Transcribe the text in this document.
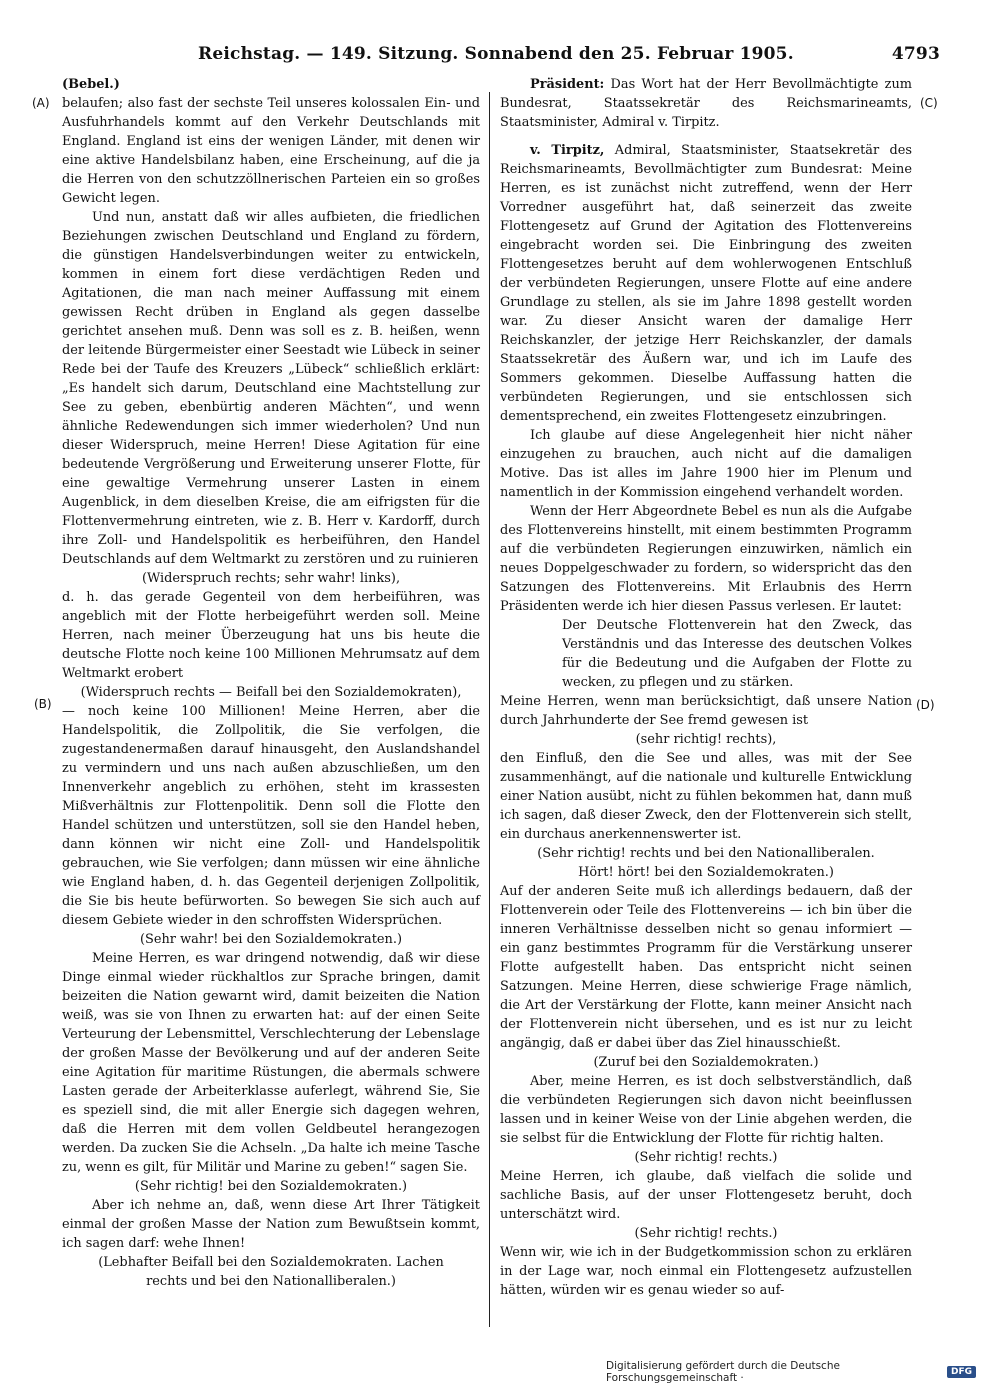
Reichstag. — 149. Sitzung. Sonnabend den 25. Februar 1905.	4793
(A)
(B)
(C)
(D)

(Bebel.)

belaufen; also fast der sechste Teil unseres kolossalen Ein- und Ausfuhrhandels kommt auf den Verkehr Deutschlands mit England. England ist eins der wenigen Länder, mit denen wir eine aktive Handelsbilanz haben, eine Erscheinung, auf die ja die Herren von den schutzzöllnerischen Parteien ein so großes Gewicht legen.

Und nun, anstatt daß wir alles aufbieten, die friedlichen Beziehungen zwischen Deutschland und England zu fördern, die günstigen Handelsverbindungen weiter zu entwickeln, kommen in einem fort diese verdächtigen Reden und Agitationen, die man nach meiner Auffassung mit einem gewissen Recht drüben in England als gegen dasselbe gerichtet ansehen muß. Denn was soll es z. B. heißen, wenn der leitende Bürgermeister einer Seestadt wie Lübeck in seiner Rede bei der Taufe des Kreuzers „Lübeck“ schließlich erklärt: „Es handelt sich darum, Deutschland eine Machtstellung zur See zu geben, ebenbürtig anderen Mächten“, und wenn ähnliche Redewendungen sich immer wiederholen? Und nun dieser Widerspruch, meine Herren! Diese Agitation für eine bedeutende Vergrößerung und Erweiterung unserer Flotte, für eine gewaltige Vermehrung unserer Lasten in einem Augenblick, in dem dieselben Kreise, die am eifrigsten für die Flottenvermehrung eintreten, wie z. B. Herr v. Kardorff, durch ihre Zoll- und Handelspolitik es herbeiführen, den Handel Deutschlands auf dem Weltmarkt zu zerstören und zu ruinieren

(Widerspruch rechts; sehr wahr! links),

d. h. das gerade Gegenteil von dem herbeiführen, was angeblich mit der Flotte herbeigeführt werden soll. Meine Herren, nach meiner Überzeugung hat uns bis heute die deutsche Flotte noch keine 100 Millionen Mehrumsatz auf dem Weltmarkt erobert

(Widerspruch rechts — Beifall bei den Sozialdemokraten),

— noch keine 100 Millionen! Meine Herren, aber die Handelspolitik, die Zollpolitik, die Sie verfolgen, die zugestandenermaßen darauf hinausgeht, den Auslandshandel zu vermindern und uns nach außen abzuschließen, um den Innenverkehr angeblich zu erhöhen, steht im krassesten Mißverhältnis zur Flottenpolitik. Denn soll die Flotte den Handel schützen und unterstützen, soll sie den Handel heben, dann können wir nicht eine Zoll- und Handelspolitik gebrauchen, wie Sie verfolgen; dann müssen wir eine ähnliche wie England haben, d. h. das Gegenteil derjenigen Zollpolitik, die Sie bis heute befürworten. So bewegen Sie sich auch auf diesem Gebiete wieder in den schroffsten Widersprüchen.

(Sehr wahr! bei den Sozialdemokraten.)

Meine Herren, es war dringend notwendig, daß wir diese Dinge einmal wieder rückhaltlos zur Sprache bringen, damit beizeiten die Nation gewarnt wird, damit beizeiten die Nation weiß, was sie von Ihnen zu erwarten hat: auf der einen Seite Verteurung der Lebensmittel, Verschlechterung der Lebenslage der großen Masse der Bevölkerung und auf der anderen Seite eine Agitation für maritime Rüstungen, die abermals schwere Lasten gerade der Arbeiterklasse auferlegt, während Sie, Sie es speziell sind, die mit aller Energie sich dagegen wehren, daß die Herren mit dem vollen Geldbeutel herangezogen werden. Da zucken Sie die Achseln. „Da halte ich meine Tasche zu, wenn es gilt, für Militär und Marine zu geben!“ sagen Sie.

(Sehr richtig! bei den Sozialdemokraten.)

Aber ich nehme an, daß, wenn diese Art Ihrer Tätigkeit einmal der großen Masse der Nation zum Bewußtsein kommt, ich sagen darf: wehe Ihnen!

(Lebhafter Beifall bei den Sozialdemokraten. Lachen rechts und bei den Nationalliberalen.)

Präsident: Das Wort hat der Herr Bevollmächtigte zum Bundesrat, Staatssekretär des Reichsmarineamts, Staatsminister, Admiral v. Tirpitz.

v. Tirpitz, Admiral, Staatsminister, Staatsekretär des Reichsmarineamts, Bevollmächtigter zum Bundesrat: Meine Herren, es ist zunächst nicht zutreffend, wenn der Herr Vorredner ausgeführt hat, daß seinerzeit das zweite Flottengesetz auf Grund der Agitation des Flottenvereins eingebracht worden sei. Die Einbringung des zweiten Flottengesetzes beruht auf dem wohlerwogenen Entschluß der verbündeten Regierungen, unsere Flotte auf eine andere Grundlage zu stellen, als sie im Jahre 1898 gestellt worden war. Zu dieser Ansicht waren der damalige Herr Reichskanzler, der jetzige Herr Reichskanzler, der damals Staatssekretär des Äußern war, und ich im Laufe des Sommers gekommen. Dieselbe Auffassung hatten die verbündeten Regierungen, und sie entschlossen sich dementsprechend, ein zweites Flottengesetz einzubringen.

Ich glaube auf diese Angelegenheit hier nicht näher einzugehen zu brauchen, auch nicht auf die damaligen Motive. Das ist alles im Jahre 1900 hier im Plenum und namentlich in der Kommission eingehend verhandelt worden.

Wenn der Herr Abgeordnete Bebel es nun als die Aufgabe des Flottenvereins hinstellt, mit einem bestimmten Programm auf die verbündeten Regierungen einzuwirken, nämlich ein neues Doppelgeschwader zu fordern, so widerspricht das den Satzungen des Flottenvereins. Mit Erlaubnis des Herrn Präsidenten werde ich hier diesen Passus verlesen. Er lautet:

Der Deutsche Flottenverein hat den Zweck, das Verständnis und das Interesse des deutschen Volkes für die Bedeutung und die Aufgaben der Flotte zu wecken, zu pflegen und zu stärken.

Meine Herren, wenn man berücksichtigt, daß unsere Nation durch Jahrhunderte der See fremd gewesen ist

(sehr richtig! rechts),

den Einfluß, den die See und alles, was mit der See zusammenhängt, auf die nationale und kulturelle Entwicklung einer Nation ausübt, nicht zu fühlen bekommen hat, dann muß ich sagen, daß dieser Zweck, den der Flottenverein sich stellt, ein durchaus anerkennenswerter ist.

(Sehr richtig! rechts und bei den Nationalliberalen. Hört! hört! bei den Sozialdemokraten.)

Auf der anderen Seite muß ich allerdings bedauern, daß der Flottenverein oder Teile des Flottenvereins — ich bin über die inneren Verhältnisse desselben nicht so genau informiert — ein ganz bestimmtes Programm für die Verstärkung unserer Flotte aufgestellt haben. Das entspricht nicht seinen Satzungen. Meine Herren, diese schwierige Frage nämlich, die Art der Verstärkung der Flotte, kann meiner Ansicht nach der Flottenverein nicht übersehen, und es ist nur zu leicht angängig, daß er dabei über das Ziel hinausschießt.

(Zuruf bei den Sozialdemokraten.)

Aber, meine Herren, es ist doch selbstverständlich, daß die verbündeten Regierungen sich davon nicht beeinflussen lassen und in keiner Weise von der Linie abgehen werden, die sie selbst für die Entwicklung der Flotte für richtig halten.

(Sehr richtig! rechts.)

Meine Herren, ich glaube, daß vielfach die solide und sachliche Basis, auf der unser Flottengesetz beruht, doch unterschätzt wird.

(Sehr richtig! rechts.)

Wenn wir, wie ich in der Budgetkommission schon zu erklären in der Lage war, noch einmal ein Flottengesetz aufzustellen hätten, würden wir es genau wieder so auf-

Digitalisierung gefördert durch die Deutsche Forschungsgemeinschaft ·	DFG
